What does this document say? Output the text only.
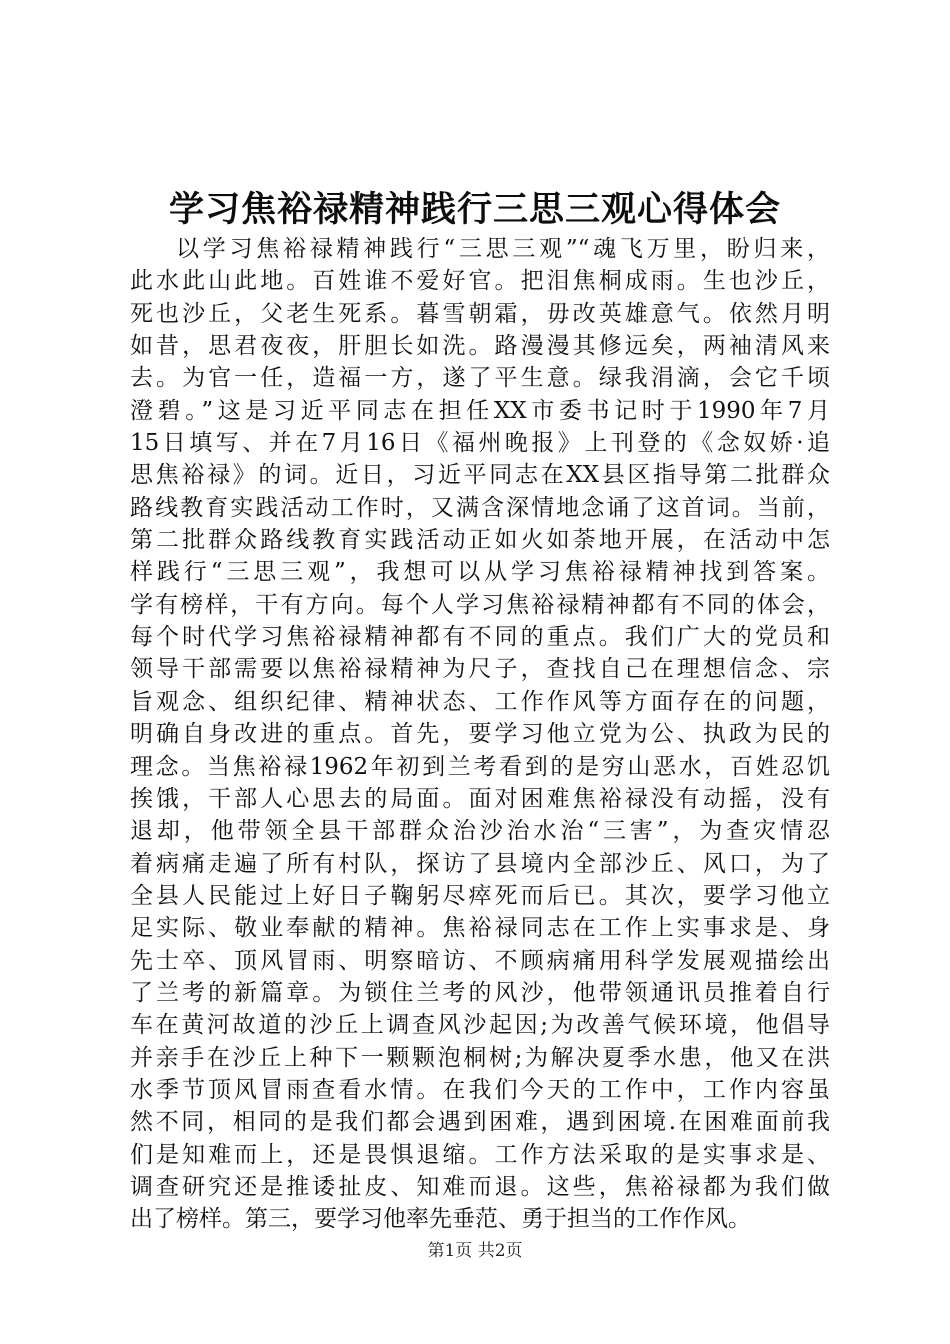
学习焦裕禄精神践行三思三观心得体会
以学习焦裕禄精神践行“三思三观”“魂飞万里，盼归来，
此水此山此地。百姓谁不爱好官。把泪焦桐成雨。生也沙丘，
死也沙丘，父老生死系。暮雪朝霜，毋改英雄意气。依然月明
如昔，思君夜夜，肝胆长如洗。路漫漫其修远矣，两袖清风来
去。为官一任，造福一方，遂了平生意。绿我涓滴，会它千顷
澄碧。”这是习近平同志在担任XX市委书记时于1990年7月
15日填写、并在7月16日《福州晚报》上刊登的《念奴娇·追
思焦裕禄》的词。近日，习近平同志在XX县区指导第二批群众
路线教育实践活动工作时，又满含深情地念诵了这首词。当前，
第二批群众路线教育实践活动正如火如荼地开展，在活动中怎
样践行“三思三观”，我想可以从学习焦裕禄精神找到答案。
学有榜样，干有方向。每个人学习焦裕禄精神都有不同的体会，
每个时代学习焦裕禄精神都有不同的重点。我们广大的党员和
领导干部需要以焦裕禄精神为尺子，查找自己在理想信念、宗
旨观念、组织纪律、精神状态、工作作风等方面存在的问题，
明确自身改进的重点。首先，要学习他立党为公、执政为民的
理念。当焦裕禄1962年初到兰考看到的是穷山恶水，百姓忍饥
挨饿，干部人心思去的局面。面对困难焦裕禄没有动摇，没有
退却，他带领全县干部群众治沙治水治“三害”，为查灾情忍
着病痛走遍了所有村队，探访了县境内全部沙丘、风口，为了
全县人民能过上好日子鞠躬尽瘁死而后已。其次，要学习他立
足实际、敬业奉献的精神。焦裕禄同志在工作上实事求是、身
先士卒、顶风冒雨、明察暗访、不顾病痛用科学发展观描绘出
了兰考的新篇章。为锁住兰考的风沙，他带领通讯员推着自行
车在黄河故道的沙丘上调查风沙起因;为改善气候环境，他倡导
并亲手在沙丘上种下一颗颗泡桐树;为解决夏季水患，他又在洪
水季节顶风冒雨查看水情。在我们今天的工作中，工作内容虽
然不同，相同的是我们都会遇到困难，遇到困境.在困难面前我
们是知难而上，还是畏惧退缩。工作方法采取的是实事求是、
调查研究还是推诿扯皮、知难而退。这些，焦裕禄都为我们做
出了榜样。第三，要学习他率先垂范、勇于担当的工作作风。
第1页 共2页
